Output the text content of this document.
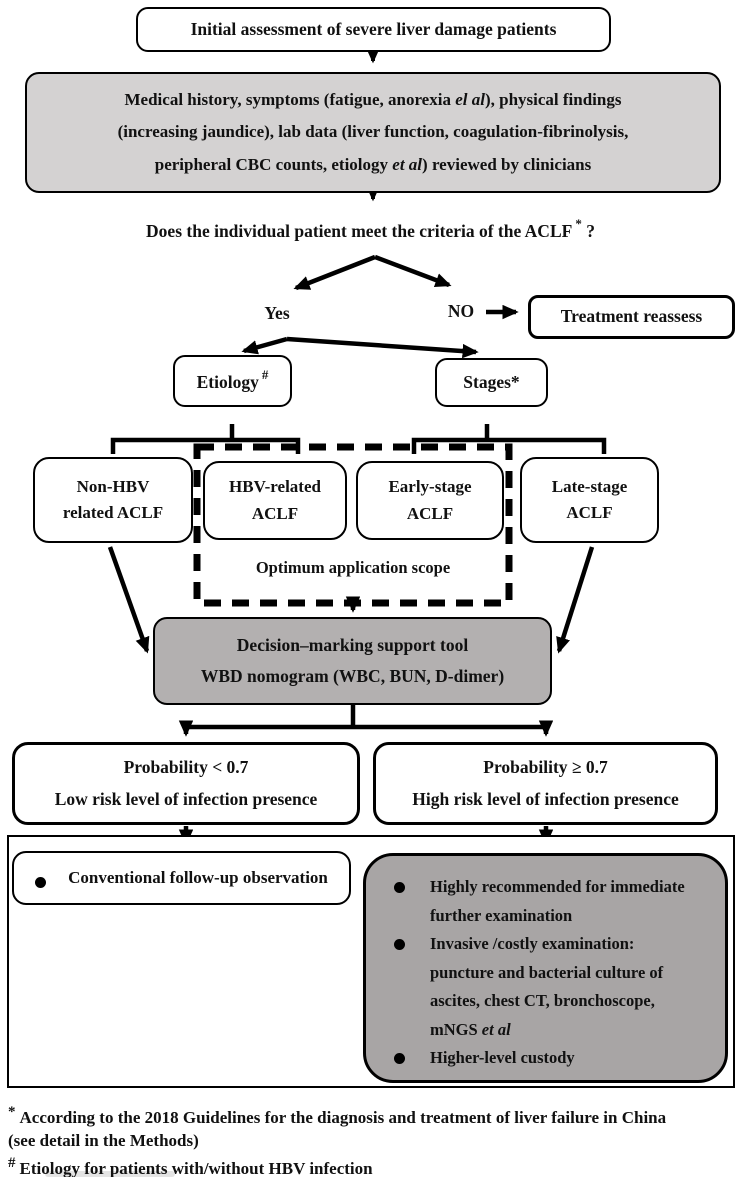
Initial assessment of severe liver damage patients
Medical history, symptoms (fatigue, anorexia el al), physical findings
(increasing jaundice), lab data (liver function, coagulation-fibrinolysis,
peripheral CBC counts, etiology et al) reviewed by clinicians
Does the individual patient meet the criteria of the ACLF * ?
Yes	NO	Treatment reassess
Etiology #	Stages*
Non-HBV
related ACLF
HBV-related
ACLF
Early-stage
ACLF
Late-stage
ACLF
Optimum application scope
Decision–marking support tool
WBD nomogram (WBC, BUN, D-dimer)
Probability < 0.7
Low risk level of infection presence
Probability ≥ 0.7
High risk level of infection presence
Conventional follow-up observation	Highly recommended for immediate
further examination
Invasive /costly examination:
puncture and bacterial culture of
ascites, chest CT, bronchoscope,
mNGS et al
Higher-level custody
* According to the 2018 Guidelines for the diagnosis and treatment of liver failure in China
(see detail in the Methods)
# Etiology for patients with/without HBV infection
